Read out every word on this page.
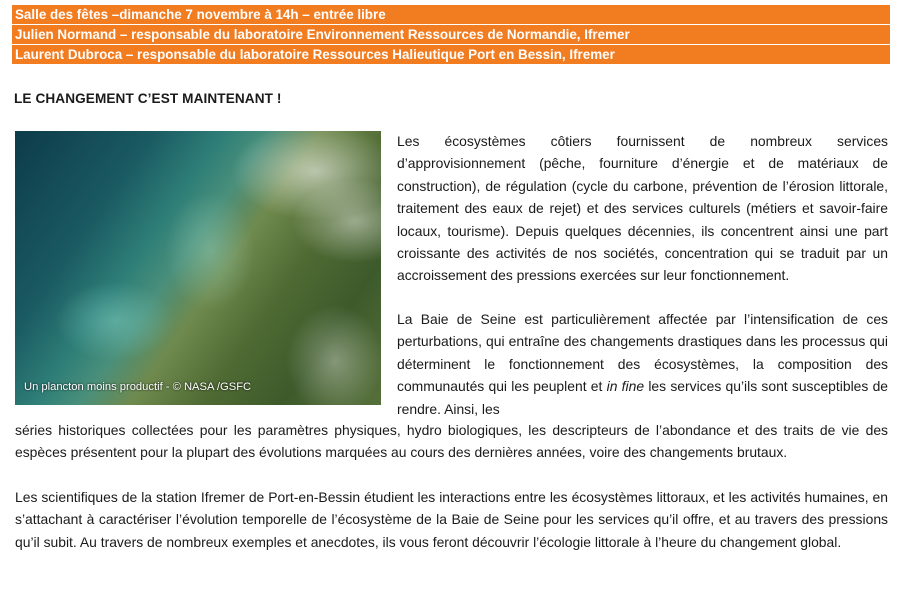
Salle des fêtes –dimanche 7 novembre à 14h – entrée libre
Julien Normand – responsable du laboratoire Environnement Ressources de Normandie, Ifremer
Laurent Dubroca – responsable du laboratoire Ressources Halieutique Port en Bessin, Ifremer
LE CHANGEMENT C’EST MAINTENANT !
Un plancton moins productif - © NASA /GSFC

Les écosystèmes côtiers fournissent de nombreux services d’approvisionnement (pêche, fourniture d’énergie et de matériaux de construction), de régulation (cycle du carbone, prévention de l’érosion littorale, traitement des eaux de rejet) et des services culturels (métiers et savoir-faire locaux, tourisme). Depuis quelques décennies, ils concentrent ainsi une part croissante des activités de nos sociétés, concentration qui se traduit par un accroissement des pressions exercées sur leur fonctionnement.

La Baie de Seine est particulièrement affectée par l’intensification de ces perturbations, qui entraîne des changements drastiques dans les processus qui déterminent le fonctionnement des écosystèmes, la composition des communautés qui les peuplent et in fine les services qu’ils sont susceptibles de rendre. Ainsi, les

séries historiques collectées pour les paramètres physiques, hydro biologiques, les descripteurs de l’abondance et des traits de vie des espèces présentent pour la plupart des évolutions marquées au cours des dernières années, voire des changements brutaux.

Les scientifiques de la station Ifremer de Port-en-Bessin étudient les interactions entre les écosystèmes littoraux, et les activités humaines, en s’attachant à caractériser l’évolution temporelle de l’écosystème de la Baie de Seine pour les services qu’il offre, et au travers des pressions qu’il subit. Au travers de nombreux exemples et anecdotes, ils vous feront découvrir l’écologie littorale à l’heure du changement global.
